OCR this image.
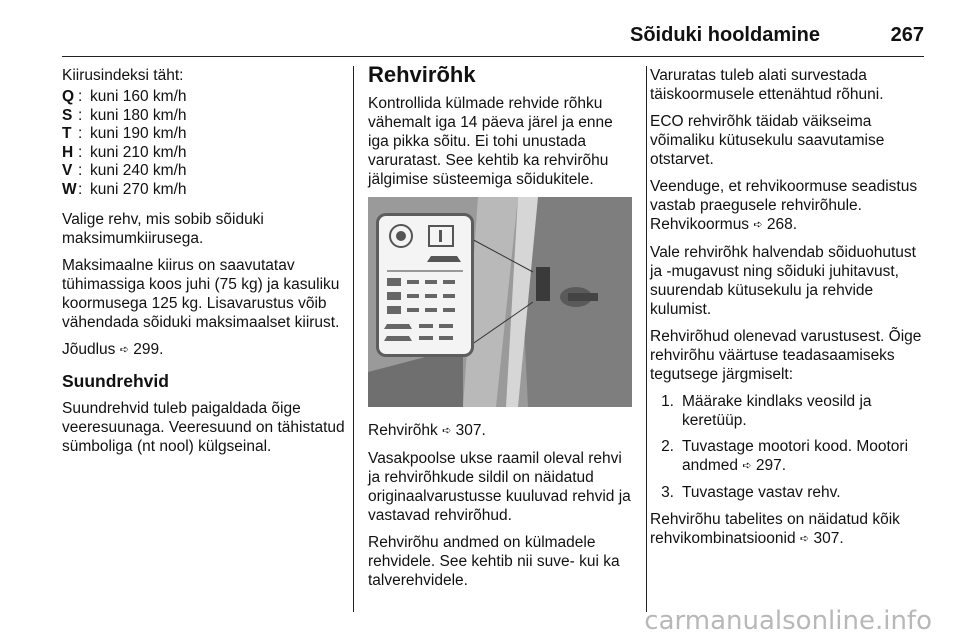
Sõiduki hooldamine	267
Kiirusindeksi täht:
Q : kuni 160 km/h
S : kuni 180 km/h
T : kuni 190 km/h
H : kuni 210 km/h
V : kuni 240 km/h
W : kuni 270 km/h

Valige rehv, mis sobib sõiduki maksimumkiirusega.

Maksimaalne kiirus on saavutatav tühimassiga koos juhi (75 kg) ja kasuliku koormusega 125 kg. Lisavarustus võib vähendada sõiduki maksimaalset kiirust.

Jõudlus ➪ 299.

Suundrehvid

Suundrehvid tuleb paigaldada õige veeresuunaga. Veeresuund on tähistatud sümboliga (nt nool) külgseinal.

Rehvirõhk

Kontrollida külmade rehvide rõhku vähemalt iga 14 päeva järel ja enne iga pikka sõitu. Ei tohi unustada varuratast. See kehtib ka rehvirõhu jälgimise süsteemiga sõidukitele.

Rehvirõhk ➪ 307.

Vasakpoolse ukse raamil oleval rehvi ja rehvirõhkude sildil on näidatud originaalvarustusse kuuluvad rehvid ja vastavad rehvirõhud.

Rehvirõhu andmed on külmadele rehvidele. See kehtib nii suve- kui ka talverehvidele.

Varuratas tuleb alati survestada täiskoormusele ettenähtud rõhuni.

ECO rehvirõhk täidab väikseima võimaliku kütusekulu saavutamise otstarvet.

Veenduge, et rehvikoormuse seadistus vastab praegusele rehvirõhule. Rehvikoormus ➪ 268.

Vale rehvirõhk halvendab sõiduohutust ja -mugavust ning sõiduki juhitavust, suurendab kütusekulu ja rehvide kulumist.

Rehvirõhud olenevad varustusest. Õige rehvirõhu väärtuse teadasaamiseks tegutsege järgmiselt:

1. Määrake kindlaks veosild ja keretüüp.
2. Tuvastage mootori kood. Mootori andmed ➪ 297.
3. Tuvastage vastav rehv.

Rehvirõhu tabelites on näidatud kõik rehvikombinatsioonid ➪ 307.

carmanualsonline.info
